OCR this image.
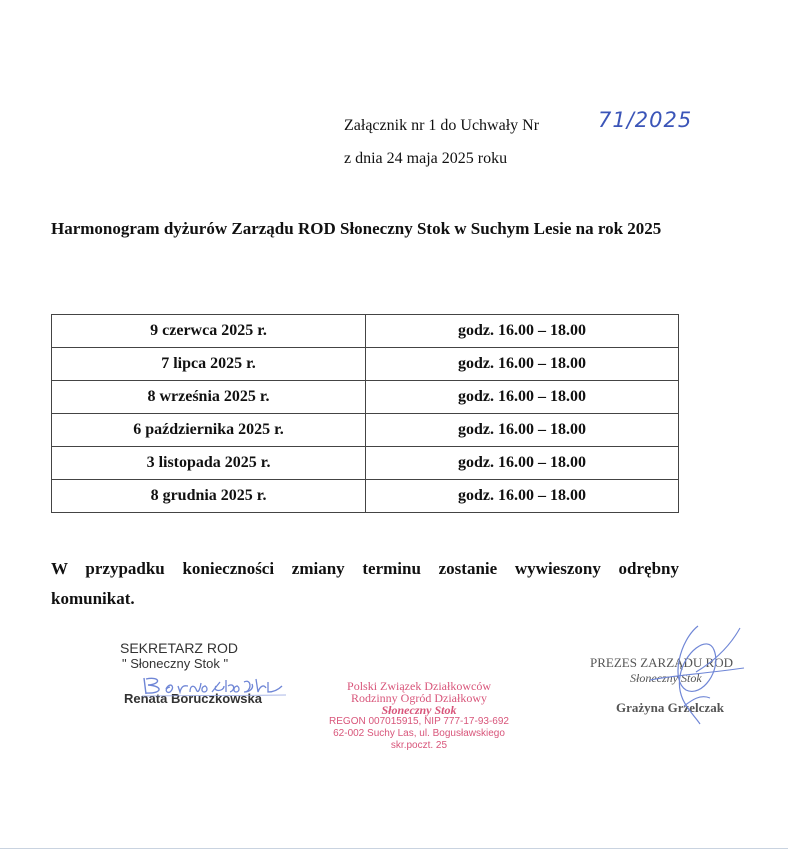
Załącznik nr 1 do Uchwały Nr	71/2025
z dnia 24 maja 2025 roku
Harmonogram dyżurów Zarządu ROD Słoneczny Stok w Suchym Lesie na rok 2025
9 czerwca 2025 r.	godz. 16.00 – 18.00
7 lipca 2025 r.	godz. 16.00 – 18.00
8 września 2025 r.	godz. 16.00 – 18.00
6 października 2025 r.	godz. 16.00 – 18.00
3 listopada 2025 r.	godz. 16.00 – 18.00
8 grudnia 2025 r.	godz. 16.00 – 18.00
W przypadku konieczności zmiany terminu zostanie wywieszony odrębny komunikat.
SEKRETARZ ROD
" Słoneczny Stok "
Renata Boruczkowska
Polski Związek Działkowców
Rodzinny Ogród Działkowy
Słoneczny Stok
REGON 007015915, NIP 777-17-93-692
62-002 Suchy Las, ul. Bogusławskiego
skr.poczt. 25
PREZES ZARZĄDU ROD
Słoneczny Stok
Grażyna Grzelczak
